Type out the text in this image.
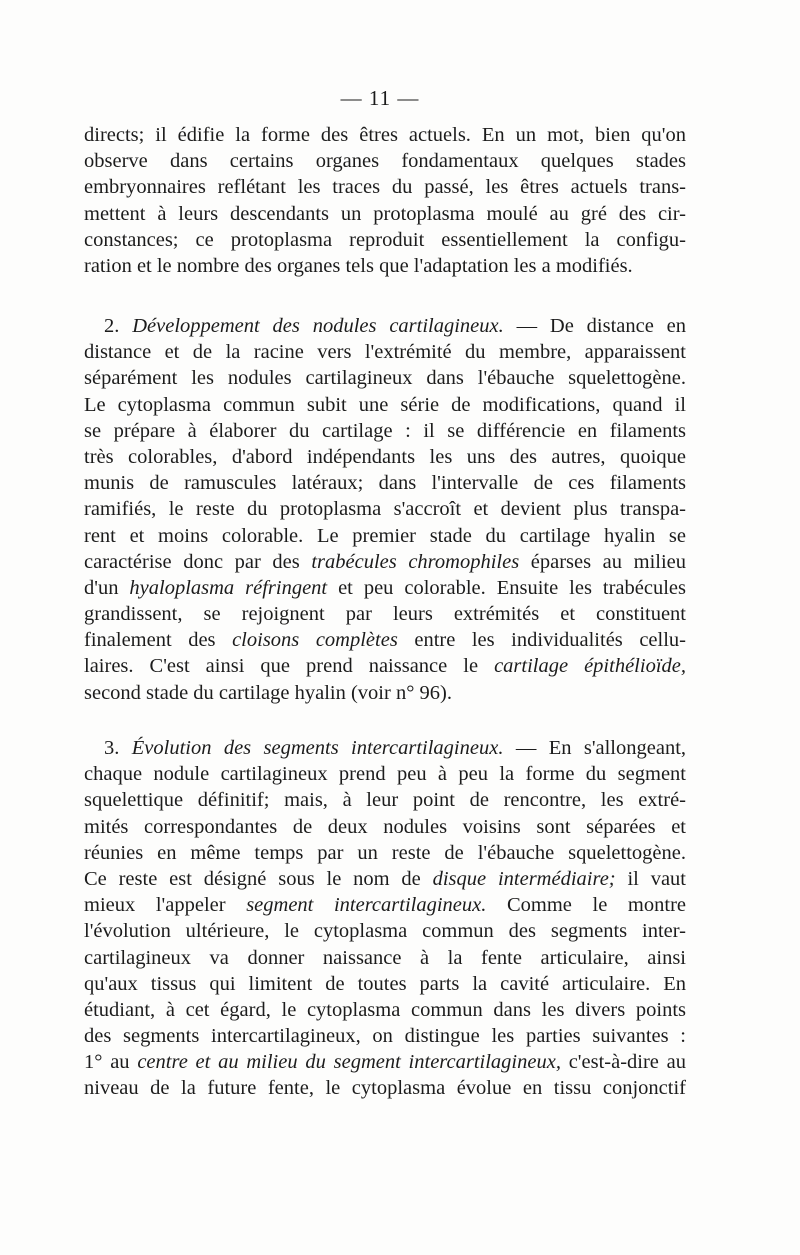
— 11 —
directs; il édifie la forme des êtres actuels. En un mot, bien qu'on
observe dans certains organes fondamentaux quelques stades
embryonnaires reflétant les traces du passé, les êtres actuels trans-
mettent à leurs descendants un protoplasma moulé au gré des cir-
constances; ce protoplasma reproduit essentiellement la configu-
ration et le nombre des organes tels que l'adaptation les a modifiés.
2. Développement des nodules cartilagineux. — De distance en
distance et de la racine vers l'extrémité du membre, apparaissent
séparément les nodules cartilagineux dans l'ébauche squelettogène.
Le cytoplasma commun subit une série de modifications, quand il
se prépare à élaborer du cartilage : il se différencie en filaments
très colorables, d'abord indépendants les uns des autres, quoique
munis de ramuscules latéraux; dans l'intervalle de ces filaments
ramifiés, le reste du protoplasma s'accroît et devient plus transpa-
rent et moins colorable. Le premier stade du cartilage hyalin se
caractérise donc par des trabécules chromophiles éparses au milieu
d'un hyaloplasma réfringent et peu colorable. Ensuite les trabécules
grandissent, se rejoignent par leurs extrémités et constituent
finalement des cloisons complètes entre les individualités cellu-
laires. C'est ainsi que prend naissance le cartilage épithélioïde,
second stade du cartilage hyalin (voir n° 96).
3. Évolution des segments intercartilagineux. — En s'allongeant,
chaque nodule cartilagineux prend peu à peu la forme du segment
squelettique définitif; mais, à leur point de rencontre, les extré-
mités correspondantes de deux nodules voisins sont séparées et
réunies en même temps par un reste de l'ébauche squelettogène.
Ce reste est désigné sous le nom de disque intermédiaire; il vaut
mieux l'appeler segment intercartilagineux. Comme le montre
l'évolution ultérieure, le cytoplasma commun des segments inter-
cartilagineux va donner naissance à la fente articulaire, ainsi
qu'aux tissus qui limitent de toutes parts la cavité articulaire. En
étudiant, à cet égard, le cytoplasma commun dans les divers points
des segments intercartilagineux, on distingue les parties suivantes :
1° au centre et au milieu du segment intercartilagineux, c'est-à-dire au
niveau de la future fente, le cytoplasma évolue en tissu conjonctif
